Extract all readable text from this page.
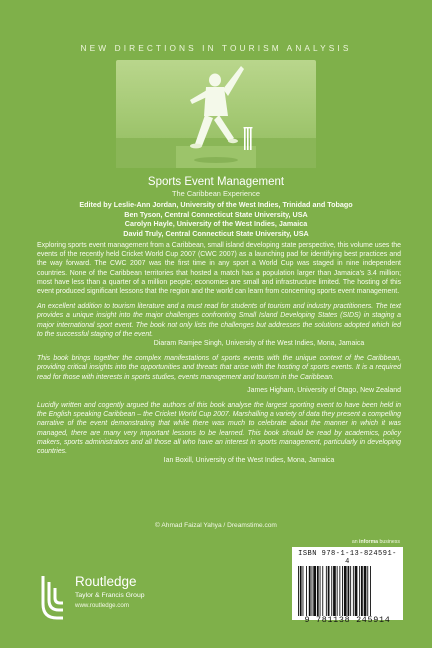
NEW DIRECTIONS IN TOURISM ANALYSIS
Sports Event Management
The Caribbean Experience
Edited by Leslie-Ann Jordan, University of the West Indies, Trinidad and Tobago
Ben Tyson, Central Connecticut State University, USA
Carolyn Hayle, University of the West Indies, Jamaica
David Truly, Central Connecticut State University, USA

Exploring sports event management from a Caribbean, small island developing state perspective, this volume uses the events of the recently held Cricket World Cup 2007 (CWC 2007) as a launching pad for identifying best practices and the way forward. The CWC 2007 was the first time in any sport a World Cup was staged in nine independent countries. None of the Caribbean territories that hosted a match has a population larger than Jamaica's 3.4 million; most have less than a quarter of a million people; economies are small and infrastructure limited. The hosting of this event produced significant lessons that the region and the world can learn from concerning sports event management.

An excellent addition to tourism literature and a must read for students of tourism and industry practitioners. The text provides a unique insight into the major challenges confronting Small Island Developing States (SIDS) in staging a major international sport event. The book not only lists the challenges but addresses the solutions adopted which led to the successful staging of the event.

Diaram Ramjee Singh, University of the West Indies, Mona, Jamaica

This book brings together the complex manifestations of sports events with the unique context of the Caribbean, providing critical insights into the opportunities and threats that arise with the hosting of sports events. It is a required read for those with interests in sports studies, events management and tourism in the Caribbean.

James Higham, University of Otago, New Zealand

Lucidly written and cogently argued the authors of this book analyse the largest sporting event to have been held in the English speaking Caribbean – the Cricket World Cup 2007. Marshalling a variety of data they present a compelling narrative of the event demonstrating that while there was much to celebrate about the manner in which it was managed, there are many very important lessons to be learned. This book should be read by academics, policy makers, sports administrators and all those all who have an interest in sports management, particularly in developing countries.

Ian Boxill, University of the West Indies, Mona, Jamaica

© Ahmad Faizal Yahya / Dreamstime.com
an informa business
ISBN 978-1-13-824591-4
9 781138 245914
Routledge
Taylor & Francis Group
www.routledge.com
